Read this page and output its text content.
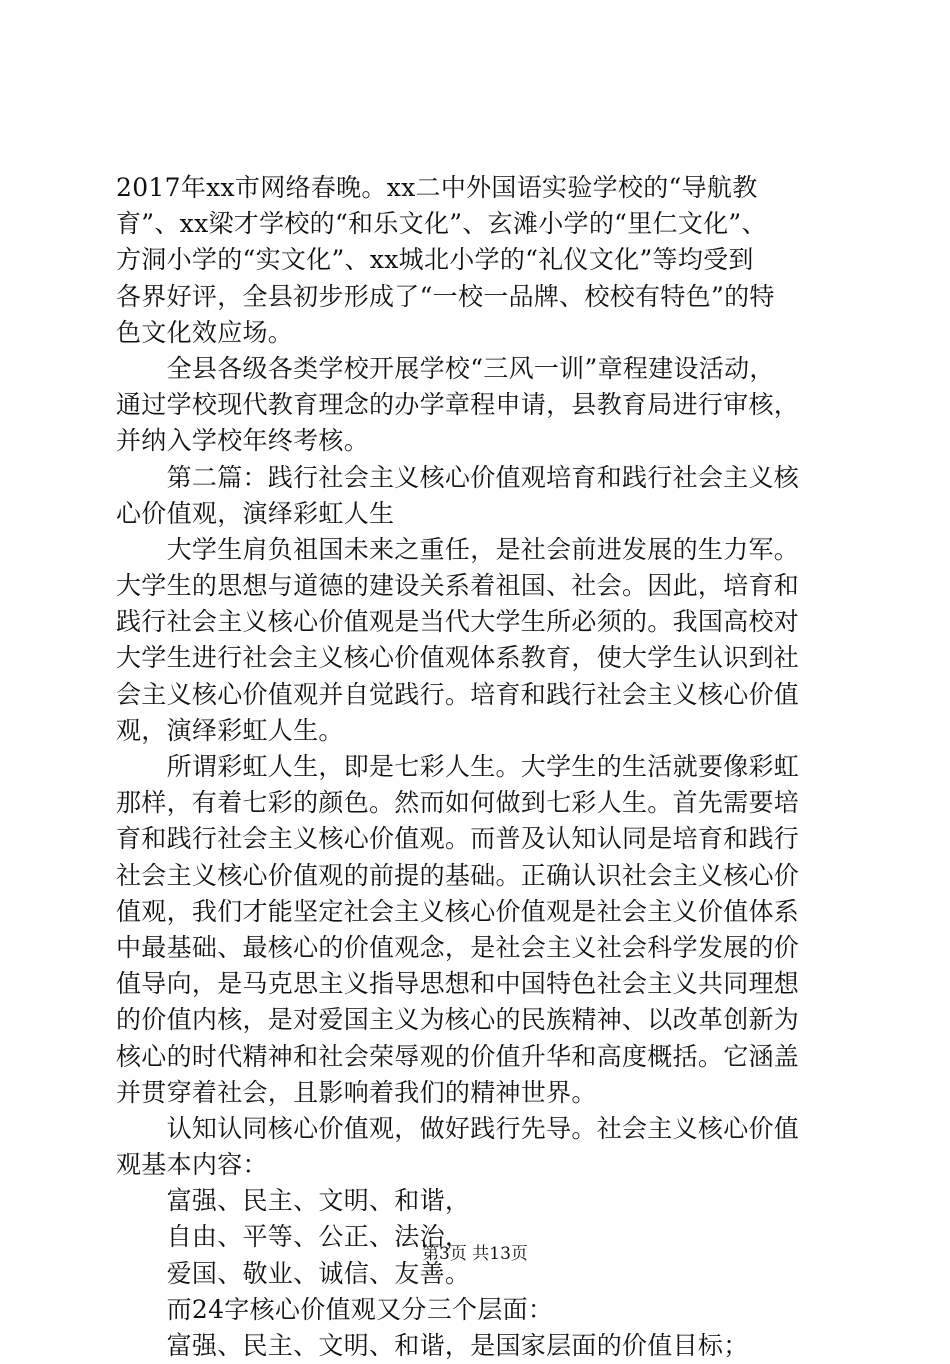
2017年xx市网络春晚。xx二中外国语实验学校的“导航教
育”、xx梁才学校的“和乐文化”、玄滩小学的“里仁文化”、
方洞小学的“实文化”、xx城北小学的“礼仪文化”等均受到
各界好评，全县初步形成了“一校一品牌、校校有特色”的特
色文化效应场。
　　全县各级各类学校开展学校“三风一训”章程建设活动，
通过学校现代教育理念的办学章程申请，县教育局进行审核，
并纳入学校年终考核。
　　第二篇：践行社会主义核心价值观培育和践行社会主义核
心价值观，演绎彩虹人生
　　大学生肩负祖国未来之重任，是社会前进发展的生力军。
大学生的思想与道德的建设关系着祖国、社会。因此，培育和
践行社会主义核心价值观是当代大学生所必须的。我国高校对
大学生进行社会主义核心价值观体系教育，使大学生认识到社
会主义核心价值观并自觉践行。培育和践行社会主义核心价值
观，演绎彩虹人生。
　　所谓彩虹人生，即是七彩人生。大学生的生活就要像彩虹
那样，有着七彩的颜色。然而如何做到七彩人生。首先需要培
育和践行社会主义核心价值观。而普及认知认同是培育和践行
社会主义核心价值观的前提的基础。正确认识社会主义核心价
值观，我们才能坚定社会主义核心价值观是社会主义价值体系
中最基础、最核心的价值观念，是社会主义社会科学发展的价
值导向，是马克思主义指导思想和中国特色社会主义共同理想
的价值内核，是对爱国主义为核心的民族精神、以改革创新为
核心的时代精神和社会荣辱观的价值升华和高度概括。它涵盖
并贯穿着社会，且影响着我们的精神世界。
　　认知认同核心价值观，做好践行先导。社会主义核心价值
观基本内容：
　　富强、民主、文明、和谐，
　　自由、平等、公正、法治，
　　爱国、敬业、诚信、友善。
　　而24字核心价值观又分三个层面：
　　富强、民主、文明、和谐，是国家层面的价值目标；
第3页 共13页
